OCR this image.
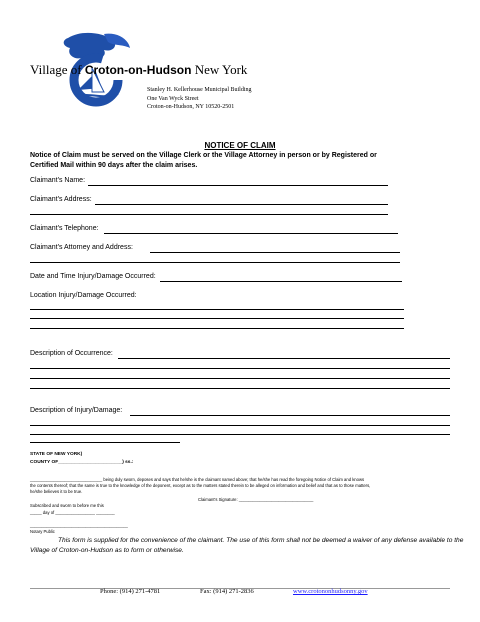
Village of Croton-on-Hudson New York
Stanley H. Kellerhouse Municipal Building
One Van Wyck Street
Croton-on-Hudson, NY 10520-2501
NOTICE OF CLAIM
Notice of Claim must be served on the Village Clerk or the Village Attorney in person or by Registered or Certified Mail within 90 days after the claim arises.
Claimant's Name:
Claimant's Address:
Claimant's Telephone:
Claimant's Attorney and Address:
Date and Time Injury/Damage Occurred:
Location Injury/Damage Occurred:
Description of Occurrence:
Description of Injury/Damage:
STATE OF NEW YORK)
COUNTY OF________________________) ss.:
_______________________________ being duly sworn, deposes and says that he/she is the claimant named above; that he/she has read the foregoing Notice of Claim and knows
the contents thereof; that the same is true to the knowledge of the deponent, except as to the matters stated therein to be alleged on information and belief and that as to those matters,
he/she believes it to be true.
Claimant's Signature: ________________________________
Subscribed and sworn to before me this
_____ day of _________________ ________
__________________________________________
Notary Public
This form is supplied for the convenience of the claimant. The use of this form shall not be deemed a waiver of any defense available to the Village of Croton-on-Hudson as to form or otherwise.
Phone: (914) 271-4781	Fax: (914) 271-2836	www.crotononhudsonny.gov
